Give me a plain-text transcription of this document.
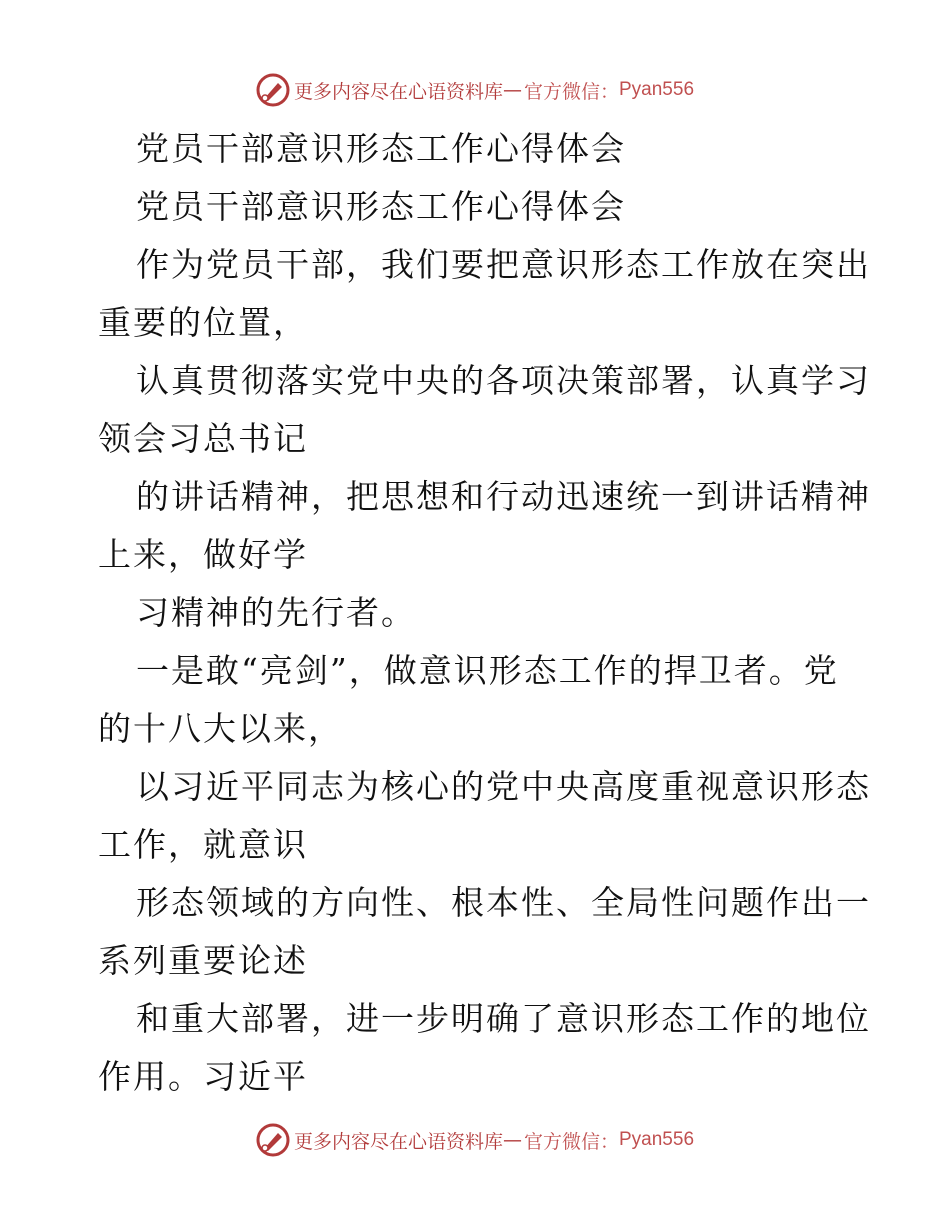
更多内容尽在心语资料库 — 官方微信： Pyan556
党员干部意识形态工作心得体会
党员干部意识形态工作心得体会
作为党员干部，我们要把意识形态工作放在突出
重要的位置，
认真贯彻落实党中央的各项决策部署，认真学习
领会习总书记
的讲话精神，把思想和行动迅速统一到讲话精神
上来，做好学
习精神的先行者。
一是敢“亮剑”，做意识形态工作的捍卫者。党
的十八大以来，
以习近平同志为核心的党中央高度重视意识形态
工作，就意识
形态领域的方向性、根本性、全局性问题作出一
系列重要论述
和重大部署，进一步明确了意识形态工作的地位
作用。习近平
更多内容尽在心语资料库 — 官方微信： Pyan556
